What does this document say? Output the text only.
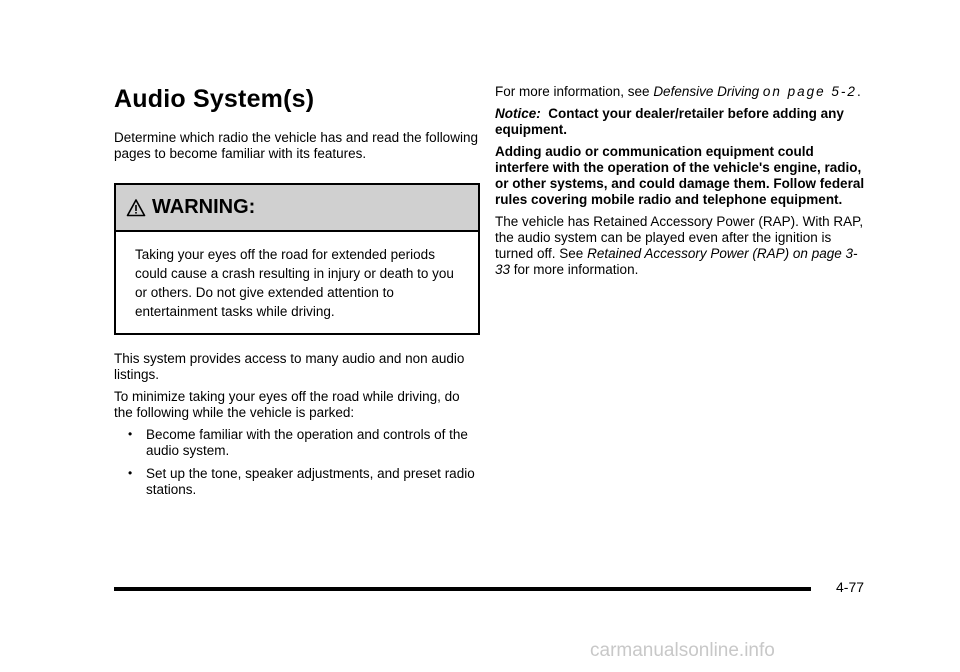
Audio System(s)

Determine which radio the vehicle has and read the following pages to become familiar with its features.

WARNING:
Taking your eyes off the road for extended periods could cause a crash resulting in injury or death to you or others. Do not give extended attention to entertainment tasks while driving.

This system provides access to many audio and non audio listings.

To minimize taking your eyes off the road while driving, do the following while the vehicle is parked:

• Become familiar with the operation and controls of the audio system.
• Set up the tone, speaker adjustments, and preset radio stations.

For more information, see Defensive Driving on page 5-2.

Notice: Contact your dealer/retailer before adding any equipment.

Adding audio or communication equipment could interfere with the operation of the vehicle's engine, radio, or other systems, and could damage them. Follow federal rules covering mobile radio and telephone equipment.

The vehicle has Retained Accessory Power (RAP). With RAP, the audio system can be played even after the ignition is turned off. See Retained Accessory Power (RAP) on page 3-33 for more information.

4-77
carmanualsonline.info
